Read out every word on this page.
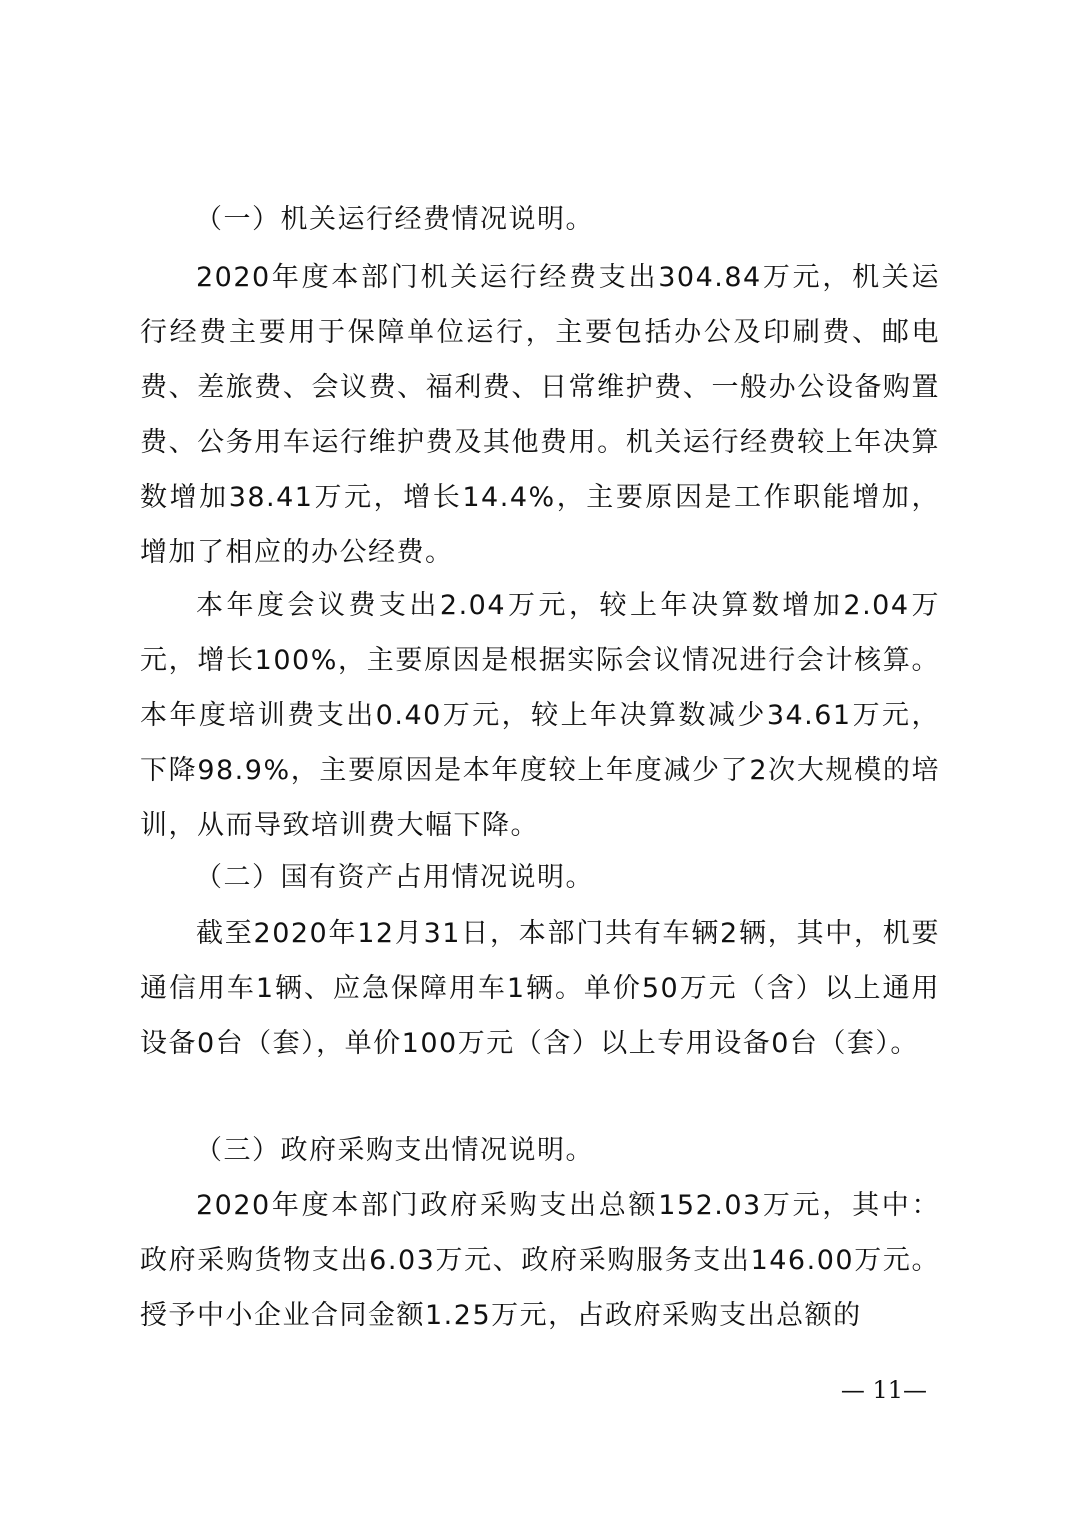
（一）机关运行经费情况说明。

2020年度本部门机关运行经费支出304.84万元，机关运行经费主要用于保障单位运行，主要包括办公及印刷费、邮电费、差旅费、会议费、福利费、日常维护费、一般办公设备购置费、公务用车运行维护费及其他费用。机关运行经费较上年决算数增加38.41万元，增长14.4%，主要原因是工作职能增加，增加了相应的办公经费。

本年度会议费支出2.04万元，较上年决算数增加2.04万元，增长100%，主要原因是根据实际会议情况进行会计核算。本年度培训费支出0.40万元，较上年决算数减少34.61万元，下降98.9%，主要原因是本年度较上年度减少了2次大规模的培训，从而导致培训费大幅下降。

（二）国有资产占用情况说明。

截至2020年12月31日，本部门共有车辆2辆，其中，机要通信用车1辆、应急保障用车1辆。单价50万元（含）以上通用设备0台（套），单价100万元（含）以上专用设备0台（套）。

（三）政府采购支出情况说明。

2020年度本部门政府采购支出总额152.03万元，其中：政府采购货物支出6.03万元、政府采购服务支出146.00万元。授予中小企业合同金额1.25万元，占政府采购支出总额的

— 11—
